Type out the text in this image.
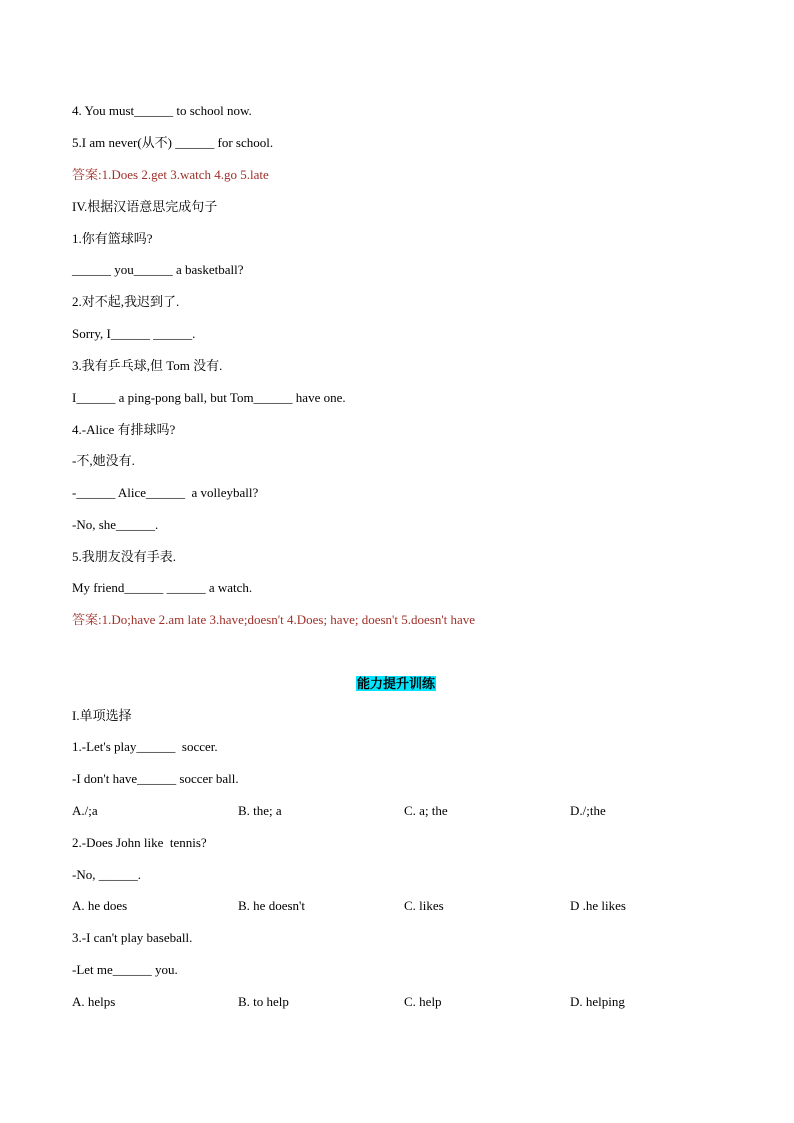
4. You must______ to school now.
5.I am never(从不) ______ for school.
答案:1.Does 2.get 3.watch 4.go 5.late
IV.根据汉语意思完成句子
1.你有篮球吗?
______ you______ a basketball?
2.对不起,我迟到了.
Sorry, I______ ______.
3.我有乒乓球,但 Tom 没有.
I______ a ping-pong ball, but Tom______ have one.
4.-Alice 有排球吗?
-不,她没有.
-______ Alice______  a volleyball?
-No, she______.
5.我朋友没有手表.
My friend______ ______ a watch.
答案:1.Do;have 2.am late 3.have;doesn't 4.Does; have; doesn't 5.doesn't have
能力提升训练
I.单项选择
1.-Let's play______  soccer.
-I don't have______ soccer ball.
A./;a	B. the; a	C. a; the	D./;the
2.-Does John like  tennis?
-No, ______.
A. he does	B. he doesn't	C. likes	D .he likes
3.-I can't play baseball.
-Let me______ you.
A. helps	B. to help	C. help	D. helping
